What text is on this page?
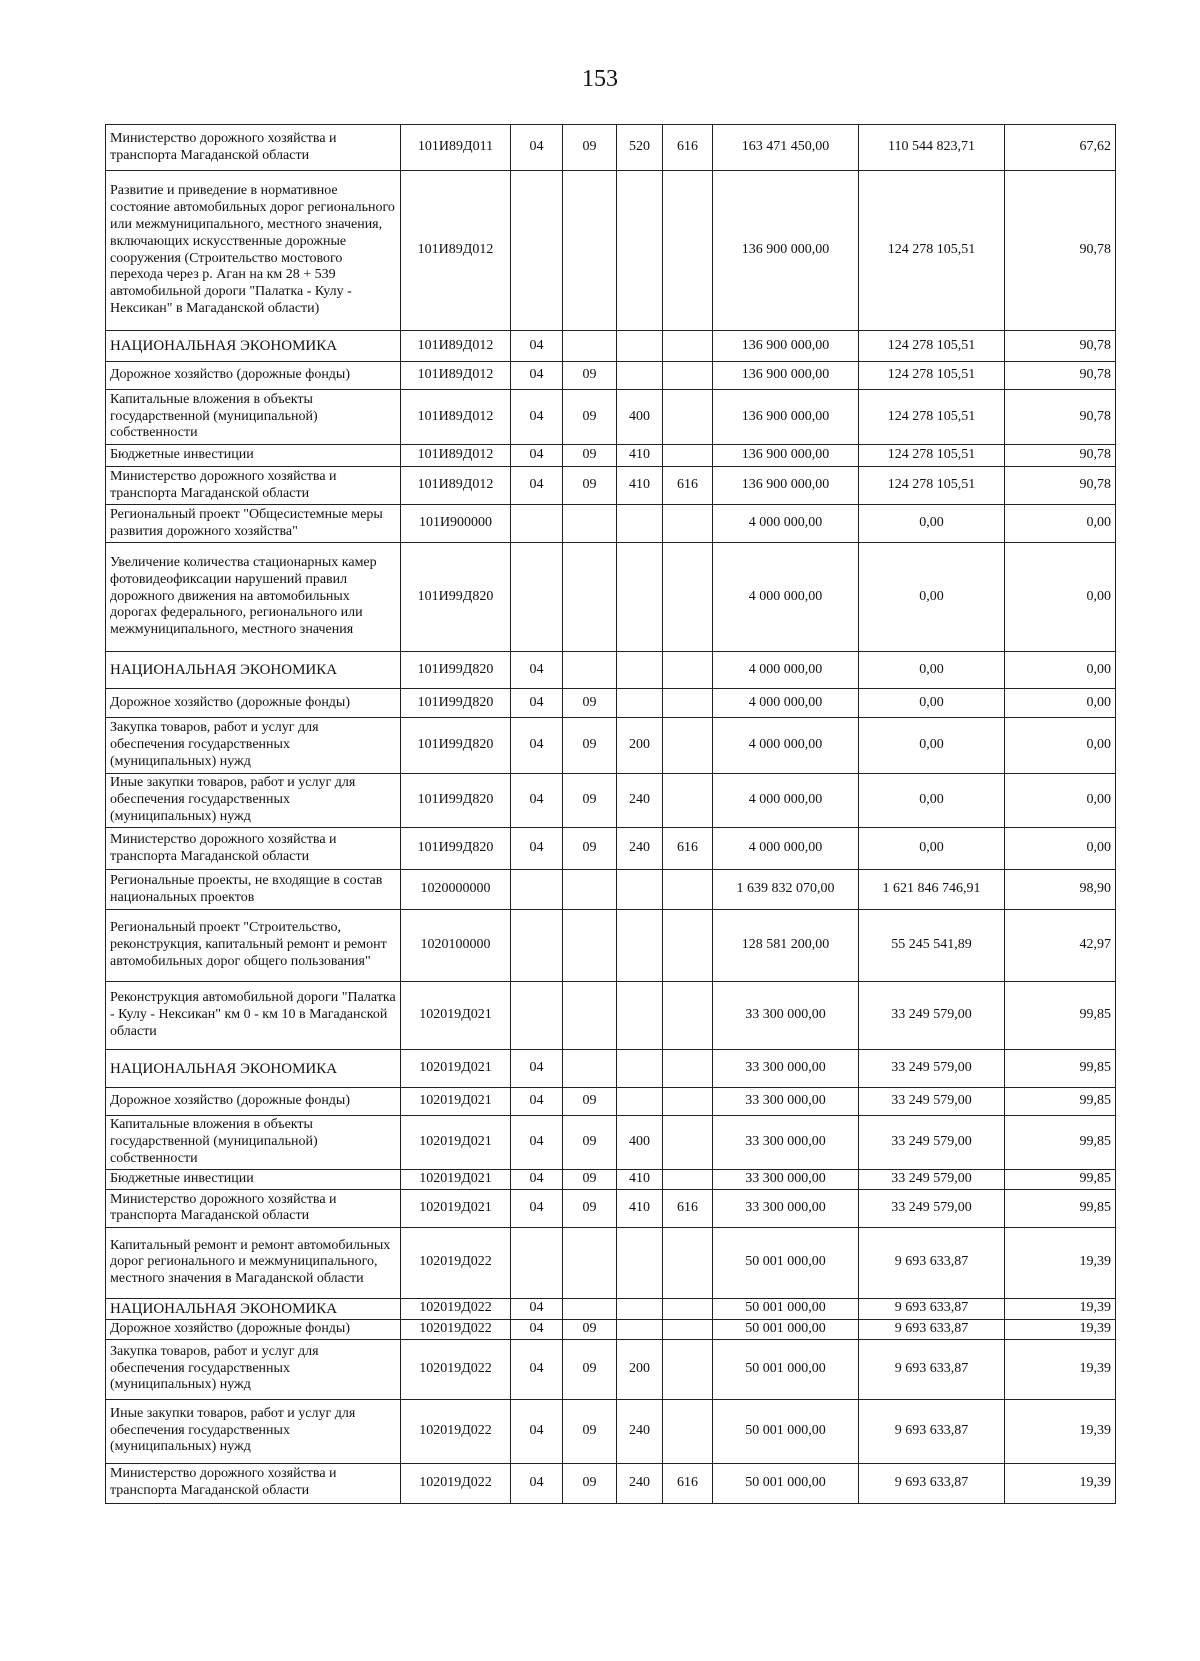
153
Министерство дорожного хозяйства и транспорта Магаданской области	101И89Д011	04	09	520	616	163 471 450,00	110 544 823,71	67,62
Развитие и приведение в нормативное состояние автомобильных дорог регионального или межмуниципального, местного значения, включающих искусственные дорожные сооружения (Строительство мостового перехода через р. Аган на км 28 + 539 автомобильной дороги "Палатка - Кулу - Нексикан" в Магаданской области)	101И89Д012					136 900 000,00	124 278 105,51	90,78
НАЦИОНАЛЬНАЯ ЭКОНОМИКА	101И89Д012	04				136 900 000,00	124 278 105,51	90,78
Дорожное хозяйство (дорожные фонды)	101И89Д012	04	09			136 900 000,00	124 278 105,51	90,78
Капитальные вложения в объекты государственной (муниципальной) собственности	101И89Д012	04	09	400		136 900 000,00	124 278 105,51	90,78
Бюджетные инвестиции	101И89Д012	04	09	410		136 900 000,00	124 278 105,51	90,78
Министерство дорожного хозяйства и транспорта Магаданской области	101И89Д012	04	09	410	616	136 900 000,00	124 278 105,51	90,78
Региональный проект "Общесистемные меры развития дорожного хозяйства"	101И900000					4 000 000,00	0,00	0,00
Увеличение количества стационарных камер фотовидеофиксации нарушений правил дорожного движения на автомобильных дорогах федерального, регионального или межмуниципального, местного значения	101И99Д820					4 000 000,00	0,00	0,00
НАЦИОНАЛЬНАЯ ЭКОНОМИКА	101И99Д820	04				4 000 000,00	0,00	0,00
Дорожное хозяйство (дорожные фонды)	101И99Д820	04	09			4 000 000,00	0,00	0,00
Закупка товаров, работ и услуг для обеспечения государственных (муниципальных) нужд	101И99Д820	04	09	200		4 000 000,00	0,00	0,00
Иные закупки товаров, работ и услуг для обеспечения государственных (муниципальных) нужд	101И99Д820	04	09	240		4 000 000,00	0,00	0,00
Министерство дорожного хозяйства и транспорта Магаданской области	101И99Д820	04	09	240	616	4 000 000,00	0,00	0,00
Региональные проекты, не входящие в состав национальных проектов	1020000000					1 639 832 070,00	1 621 846 746,91	98,90
Региональный проект "Строительство, реконструкция, капитальный ремонт и ремонт автомобильных дорог общего пользования"	1020100000					128 581 200,00	55 245 541,89	42,97
Реконструкция автомобильной дороги "Палатка - Кулу - Нексикан" км 0 - км 10 в Магаданской области	102019Д021					33 300 000,00	33 249 579,00	99,85
НАЦИОНАЛЬНАЯ ЭКОНОМИКА	102019Д021	04				33 300 000,00	33 249 579,00	99,85
Дорожное хозяйство (дорожные фонды)	102019Д021	04	09			33 300 000,00	33 249 579,00	99,85
Капитальные вложения в объекты государственной (муниципальной) собственности	102019Д021	04	09	400		33 300 000,00	33 249 579,00	99,85
Бюджетные инвестиции	102019Д021	04	09	410		33 300 000,00	33 249 579,00	99,85
Министерство дорожного хозяйства и транспорта Магаданской области	102019Д021	04	09	410	616	33 300 000,00	33 249 579,00	99,85
Капитальный ремонт и ремонт автомобильных дорог регионального и межмуниципального, местного значения в Магаданской области	102019Д022					50 001 000,00	9 693 633,87	19,39
НАЦИОНАЛЬНАЯ ЭКОНОМИКА	102019Д022	04				50 001 000,00	9 693 633,87	19,39
Дорожное хозяйство (дорожные фонды)	102019Д022	04	09			50 001 000,00	9 693 633,87	19,39
Закупка товаров, работ и услуг для обеспечения государственных (муниципальных) нужд	102019Д022	04	09	200		50 001 000,00	9 693 633,87	19,39
Иные закупки товаров, работ и услуг для обеспечения государственных (муниципальных) нужд	102019Д022	04	09	240		50 001 000,00	9 693 633,87	19,39
Министерство дорожного хозяйства и транспорта Магаданской области	102019Д022	04	09	240	616	50 001 000,00	9 693 633,87	19,39
